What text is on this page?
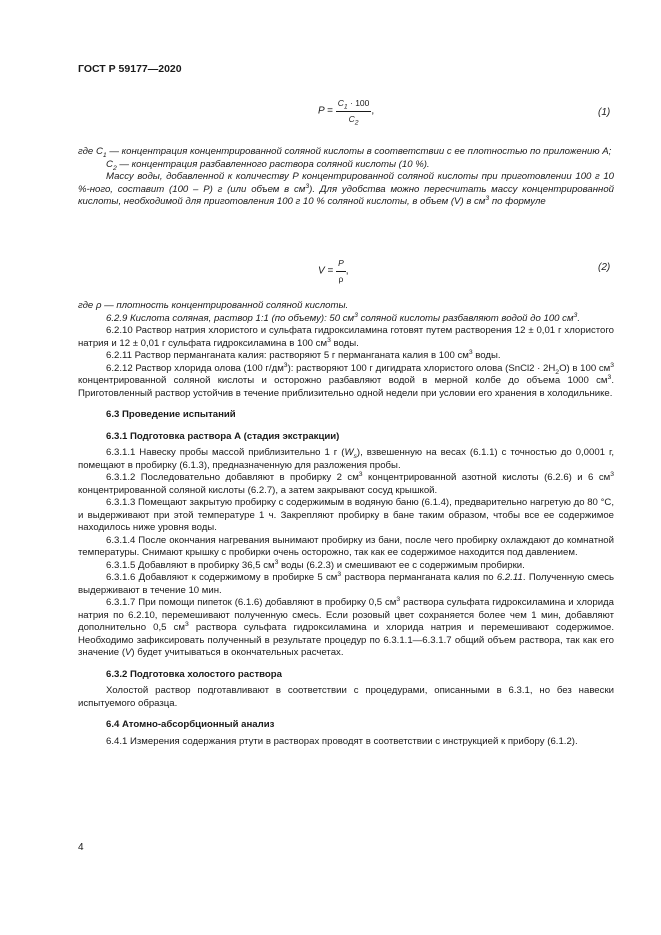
ГОСТ Р 59177—2020
$P = \frac{C_1 \cdot 100}{C_2}$ ,	(1)

где $C_1$ — концентрация концентрированной соляной кислоты в соответствии с ее плотностью по приложению А;

$C_2$ — концентрация разбавленного раствора соляной кислоты (10 %).

Массу воды, добавленной к количеству P концентрированной соляной кислоты при приготовлении 100 г 10 %-ного, составит (100 – P) г (или объем в $см^3$). Для удобства можно пересчитать массу концентрированной кислоты, необходимой для приготовления 100 г 10 % соляной кислоты, в объем (V) в $см^3$ по формуле

$V = \frac{P}{\rho}$ ,	(2)

где ρ — плотность концентрированной соляной кислоты.

6.2.9 Кислота соляная, раствор 1:1 (по объему): 50 $см^3$ соляной кислоты разбавляют водой до 100 $см^3$.

6.2.10 Раствор натрия хлористого и сульфата гидроксиламина готовят путем растворения 12 ± 0,01 г хлористого натрия и 12 ± 0,01 г сульфата гидроксиламина в 100 $см^3$ воды.

6.2.11 Раствор перманганата калия: растворяют 5 г перманганата калия в 100 $см^3$ воды.

6.2.12 Раствор хлорида олова (100 $г/дм^3$): растворяют 100 г дигидрата хлористого олова (SnCl2 · $2H_2O$) в 100 $см^3$ концентрированной соляной кислоты и осторожно разбавляют водой в мерной колбе до объема 1000 $см^3$. Приготовленный раствор устойчив в течение приблизительно одной недели при условии его хранения в холодильнике.

6.3 Проведение испытаний

6.3.1 Подготовка раствора А (стадия экстракции)

6.3.1.1 Навеску пробы массой приблизительно 1 г $(W_s)$, взвешенную на весах (6.1.1) с точностью до 0,0001 г, помещают в пробирку (6.1.3), предназначенную для разложения пробы.

6.3.1.2 Последовательно добавляют в пробирку 2 $см^3$ концентрированной азотной кислоты (6.2.6) и 6 $см^3$ концентрированной соляной кислоты (6.2.7), а затем закрывают сосуд крышкой.

6.3.1.3 Помещают закрытую пробирку с содержимым в водяную баню (6.1.4), предварительно нагретую до 80 °C, и выдерживают при этой температуре 1 ч. Закрепляют пробирку в бане таким образом, чтобы все ее содержимое находилось ниже уровня воды.

6.3.1.4 После окончания нагревания вынимают пробирку из бани, после чего пробирку охлаждают до комнатной температуры. Снимают крышку с пробирки очень осторожно, так как ее содержимое находится под давлением.

6.3.1.5 Добавляют в пробирку 36,5 $см^3$ воды (6.2.3) и смешивают ее с содержимым пробирки.

6.3.1.6 Добавляют к содержимому в пробирке 5 $см^3$ раствора перманганата калия по 6.2.11. Полученную смесь выдерживают в течение 10 мин.

6.3.1.7 При помощи пипеток (6.1.6) добавляют в пробирку 0,5 $см^3$ раствора сульфата гидроксиламина и хлорида натрия по 6.2.10, перемешивают полученную смесь. Если розовый цвет сохраняется более чем 1 мин, добавляют дополнительно 0,5 $см^3$ раствора сульфата гидроксиламина и хлорида натрия и перемешивают содержимое. Необходимо зафиксировать полученный в результате процедур по 6.3.1.1—6.3.1.7 общий объем раствора, так как его значение (V) будет учитываться в окончательных расчетах.

6.3.2 Подготовка холостого раствора

Холостой раствор подготавливают в соответствии с процедурами, описанными в 6.3.1, но без навески испытуемого образца.

6.4 Атомно-абсорбционный анализ

6.4.1 Измерения содержания ртути в растворах проводят в соответствии с инструкцией к прибору (6.1.2).

4
